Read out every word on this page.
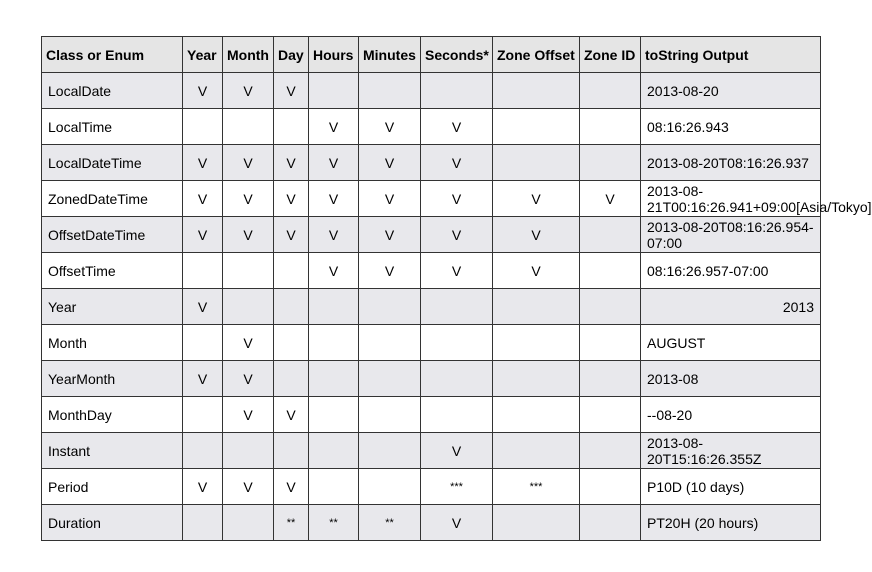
Class or Enum	Year	Month	Day	Hours	Minutes	Seconds*	Zone Offset	Zone ID	toString Output
LocalDate	V	V	V						2013-08-20
LocalTime				V	V	V			08:16:26.943
LocalDateTime	V	V	V	V	V	V			2013-08-20T08:16:26.937
ZonedDateTime	V	V	V	V	V	V	V	V	2013-08-21T00:16:26.941+09:00[Asia/Tokyo]
OffsetDateTime	V	V	V	V	V	V	V		2013-08-20T08:16:26.954-07:00
OffsetTime				V	V	V	V		08:16:26.957-07:00
Year	V								2013
Month		V							AUGUST
YearMonth	V	V							2013-08
MonthDay		V	V						--08-20
Instant						V			2013-08-20T15:16:26.355Z
Period	V	V	V			***	***		P10D (10 days)
Duration			**	**	**	V			PT20H (20 hours)
